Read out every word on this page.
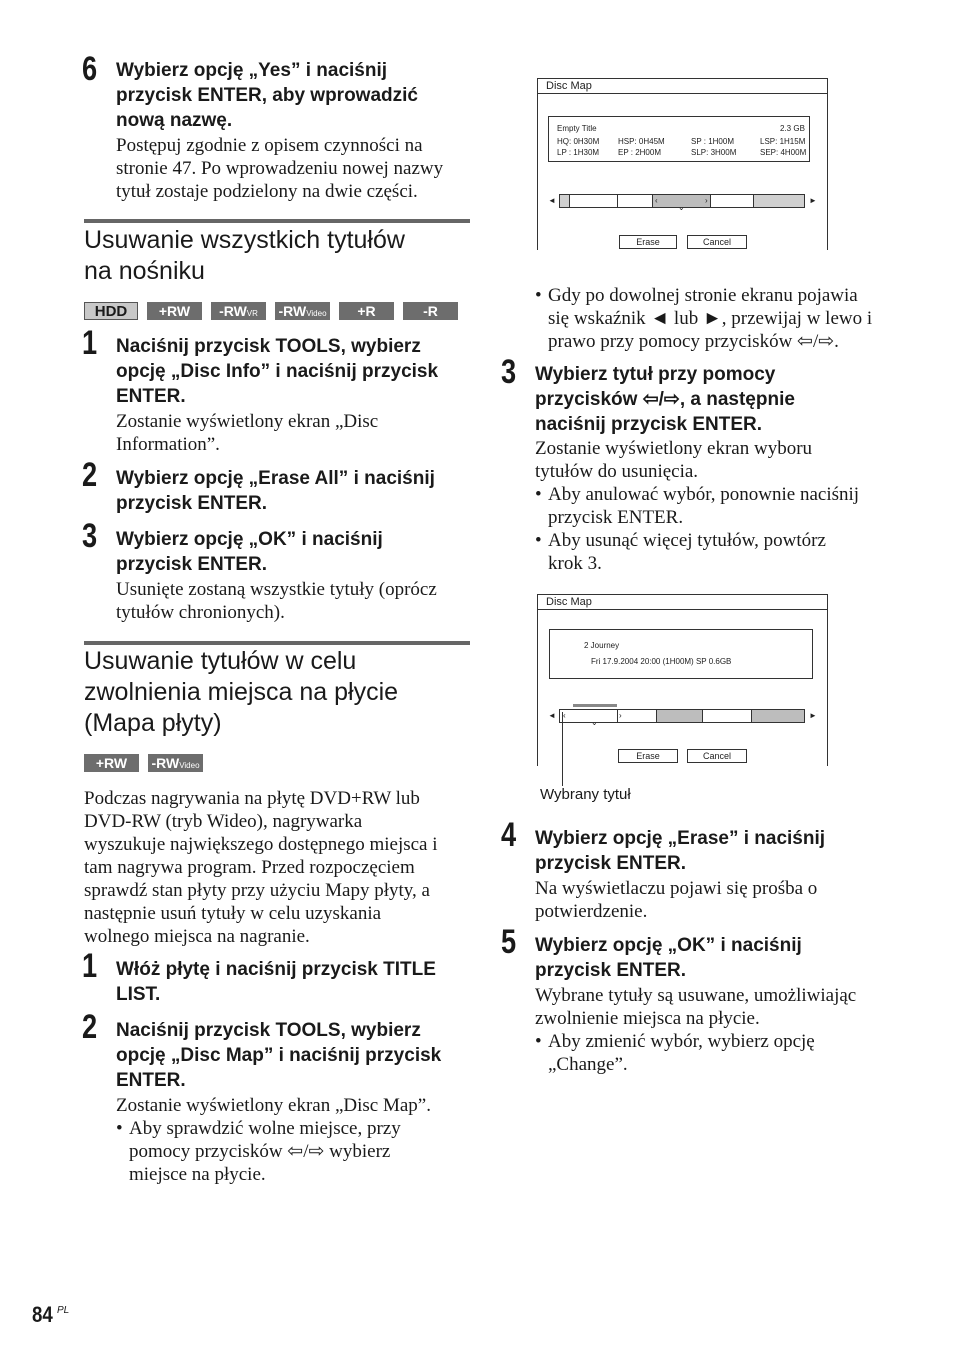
6 Wybierz opcję „Yes” i naciśnij
przycisk ENTER, aby wprowadzić
nową nazwę.
Postępuj zgodnie z opisem czynności na
stronie 47. Po wprowadzeniu nowej nazwy
tytuł zostaje podzielony na dwie części.
Usuwanie wszystkich tytułów
na nośniku
HDD	+RW	-RWVR	-RWVideo	+R	-R
1 Naciśnij przycisk TOOLS, wybierz
opcję „Disc Info” i naciśnij przycisk
ENTER.
Zostanie wyświetlony ekran „Disc
Information”.
2 Wybierz opcję „Erase All” i naciśnij
przycisk ENTER.
3 Wybierz opcję „OK” i naciśnij
przycisk ENTER.
Usunięte zostaną wszystkie tytuły (oprócz
tytułów chronionych).
Usuwanie tytułów w celu
zwolnienia miejsca na płycie
(Mapa płyty)
+RW	-RWVideo
Podczas nagrywania na płytę DVD+RW lub
DVD-RW (tryb Wideo), nagrywarka
wyszukuje największego dostępnego miejsca i
tam nagrywa program. Przed rozpoczęciem
sprawdź stan płyty przy użyciu Mapy płyty, a
następnie usuń tytuły w celu uzyskania
wolnego miejsca na nagranie.
1 Włóż płytę i naciśnij przycisk TITLE
LIST.
2 Naciśnij przycisk TOOLS, wybierz
opcję „Disc Map” i naciśnij przycisk
ENTER.
Zostanie wyświetlony ekran „Disc Map”.
• Aby sprawdzić wolne miejsce, przy
pomocy przycisków ⇦/⇨ wybierz
miejsce na płycie.
Disc Map
Empty Title	2.3 GB
HQ: 0H30M HSP: 0H45M	SP : 1H00M	LSP: 1H15M
LP : 1H30M EP : 2H00M	SLP: 3H00M	SEP: 4H00M
◄	‹	›
⌄
►
Erase	Cancel
• Gdy po dowolnej stronie ekranu pojawia
się wskaźnik ◄ lub ►, przewijaj w lewo i
prawo przy pomocy przycisków ⇦/⇨.
3 Wybierz tytuł przy pomocy
przycisków ⇦/⇨, a następnie
naciśnij przycisk ENTER.
Zostanie wyświetlony ekran wyboru
tytułów do usunięcia.
• Aby anulować wybór, ponownie naciśnij
przycisk ENTER.
• Aby usunąć więcej tytułów, powtórz
krok 3.
Disc Map
2 Journey
Fri 17.9.2004 20:00 (1H00M) SP 0.6GB
◄ ‹	›
⌄
►
Erase	Cancel
Wybrany tytuł
4 Wybierz opcję „Erase” i naciśnij
przycisk ENTER.
Na wyświetlaczu pojawi się prośba o
potwierdzenie.
5 Wybierz opcję „OK” i naciśnij
przycisk ENTER.
Wybrane tytuły są usuwane, umożliwiając
zwolnienie miejsca na płycie.
• Aby zmienić wybór, wybierz opcję
„Change”.
84 PL
